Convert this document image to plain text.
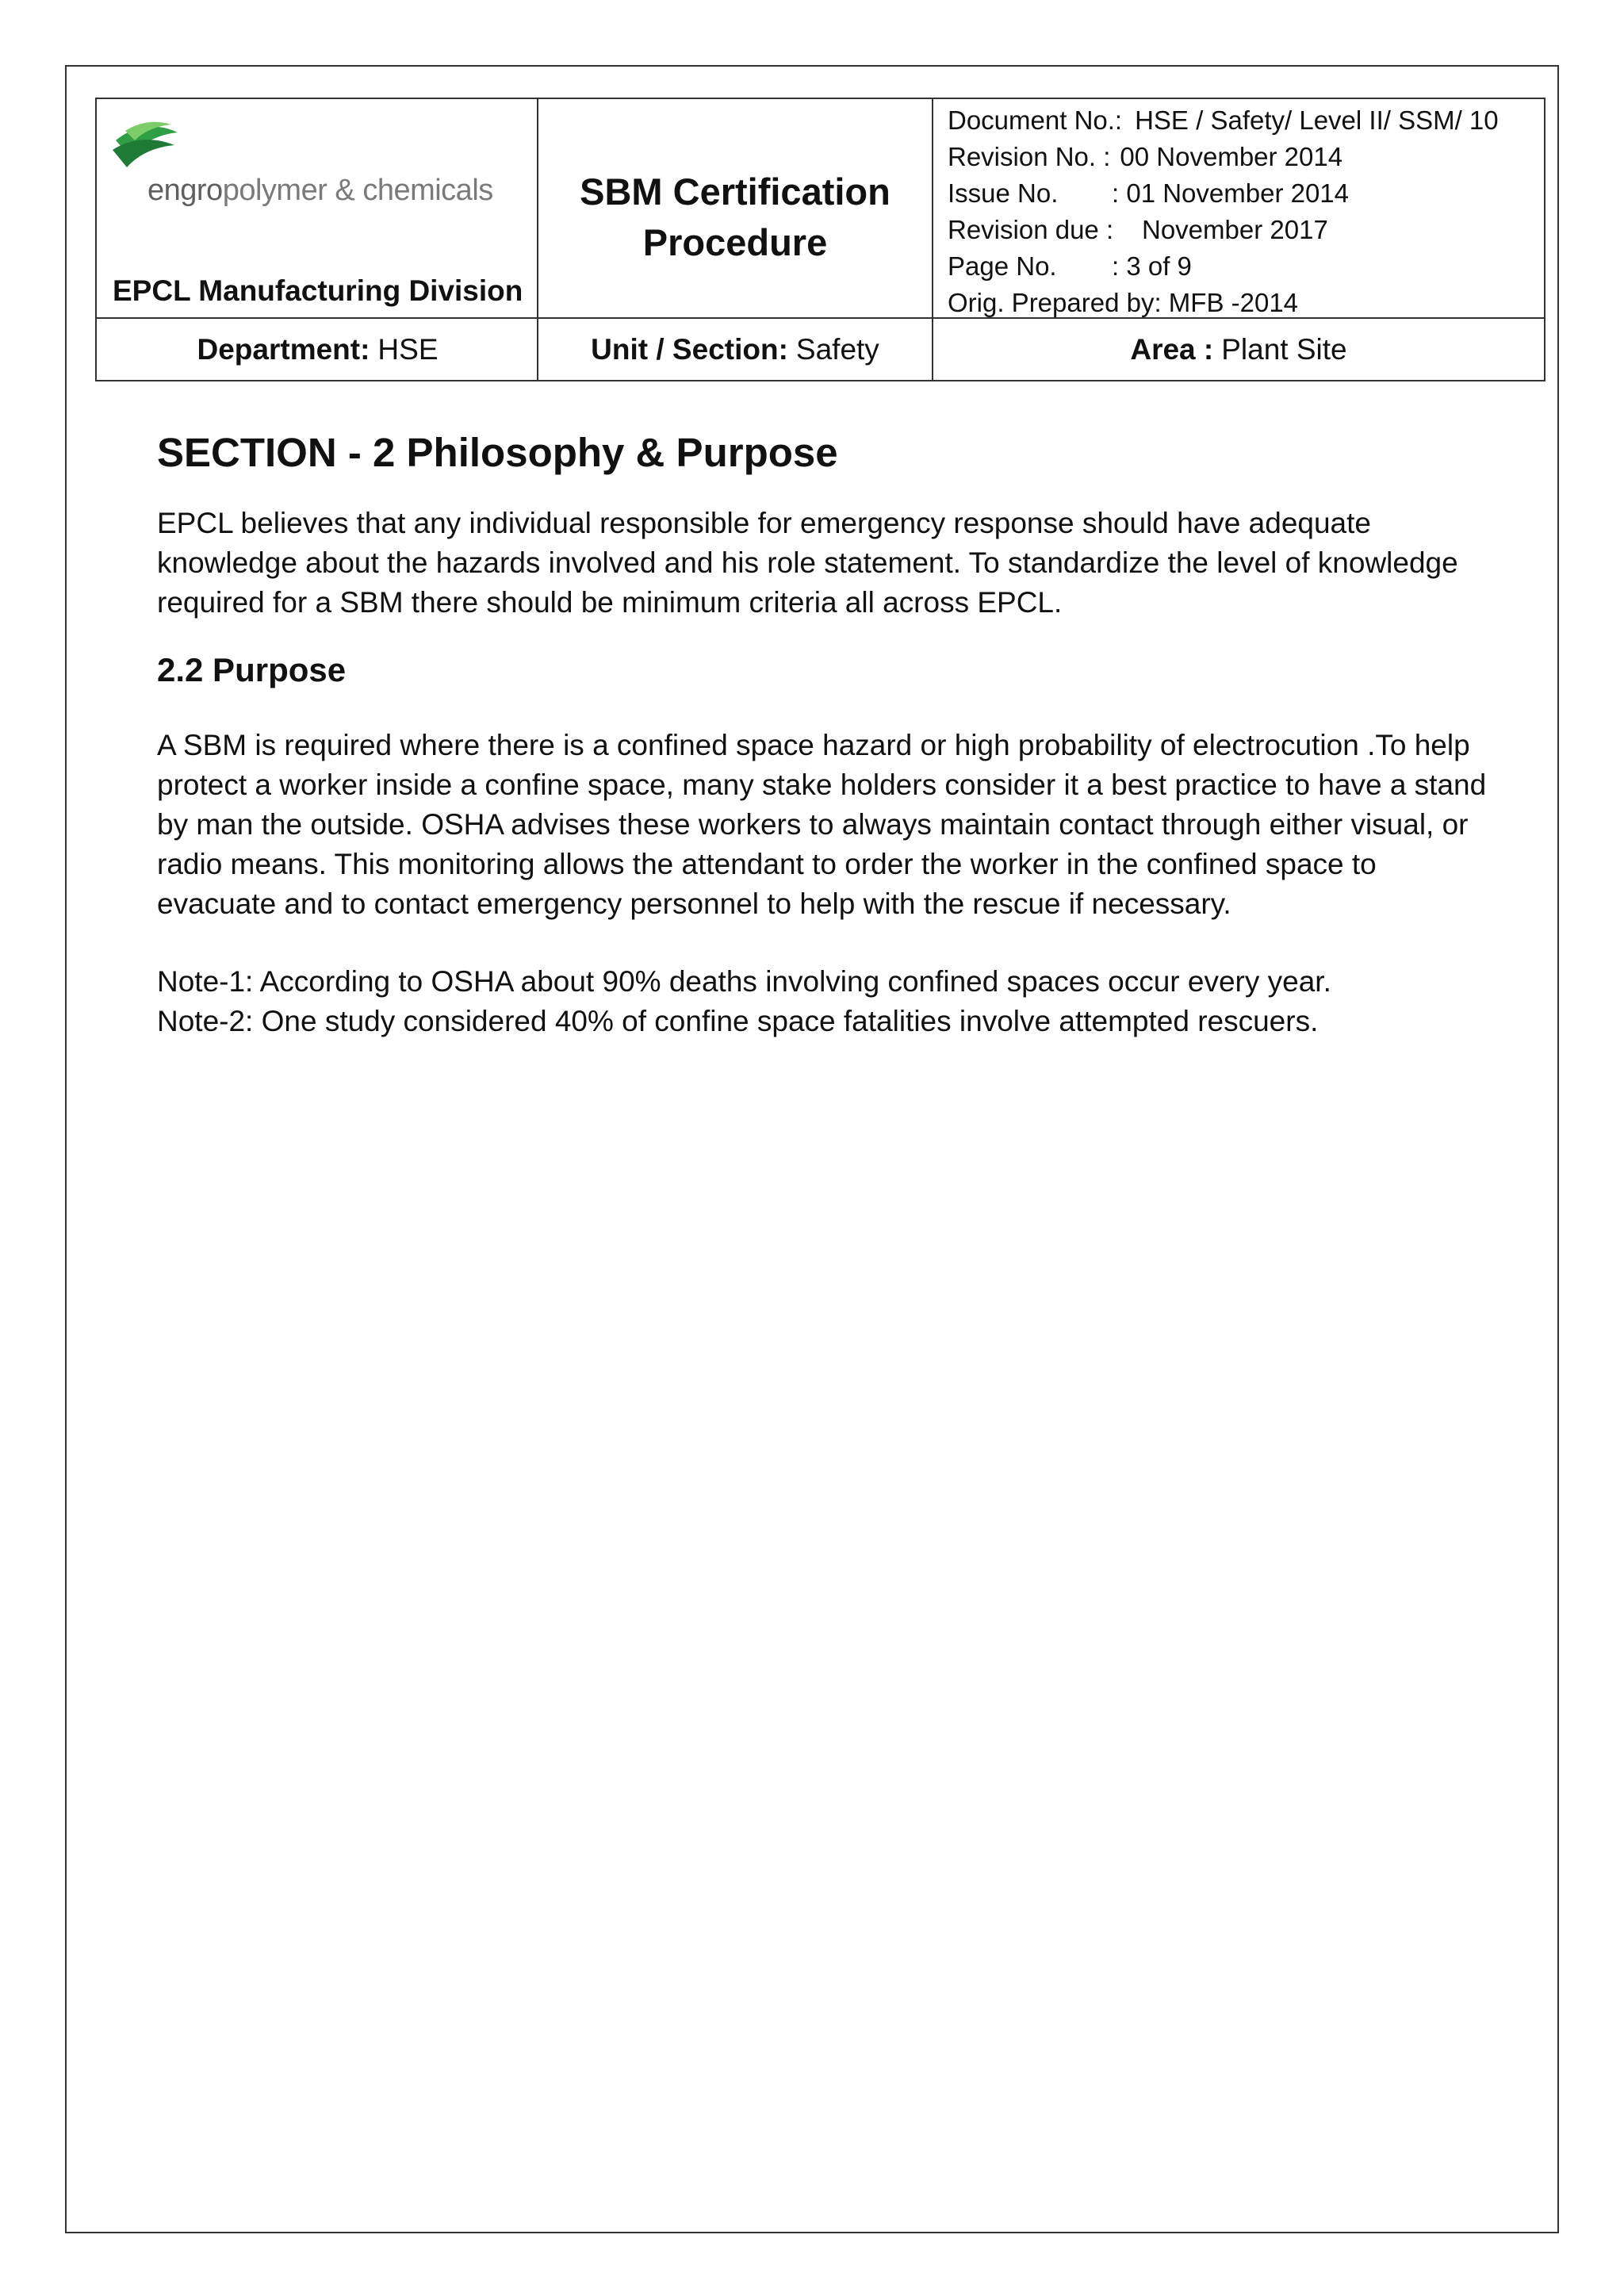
engropolymer & chemicals
EPCL Manufacturing Division
SBM Certification
Procedure
Document No.: HSE / Safety/ Level II/ SSM/ 10
Revision No. : 00 November 2014
Issue No. : 01 November 2014
Revision due : November 2017
Page No. : 3 of 9
Orig. Prepared by: MFB -2014
Department: HSE	Unit / Section: Safety	Area : Plant Site
SECTION - 2 Philosophy & Purpose

EPCL believes that any individual responsible for emergency response should have adequate knowledge about the hazards involved and his role statement. To standardize the level of knowledge required for a SBM there should be minimum criteria all across EPCL.

2.2 Purpose

A SBM is required where there is a confined space hazard or high probability of electrocution .To help protect a worker inside a confine space, many stake holders consider it a best practice to have a stand by man the outside. OSHA advises these workers to always maintain contact through either visual, or radio means. This monitoring allows the attendant to order the worker in the confined space to evacuate and to contact emergency personnel to help with the rescue if necessary.

Note-1: According to OSHA about 90% deaths involving confined spaces occur every year.

Note-2: One study considered 40% of confine space fatalities involve attempted rescuers.
